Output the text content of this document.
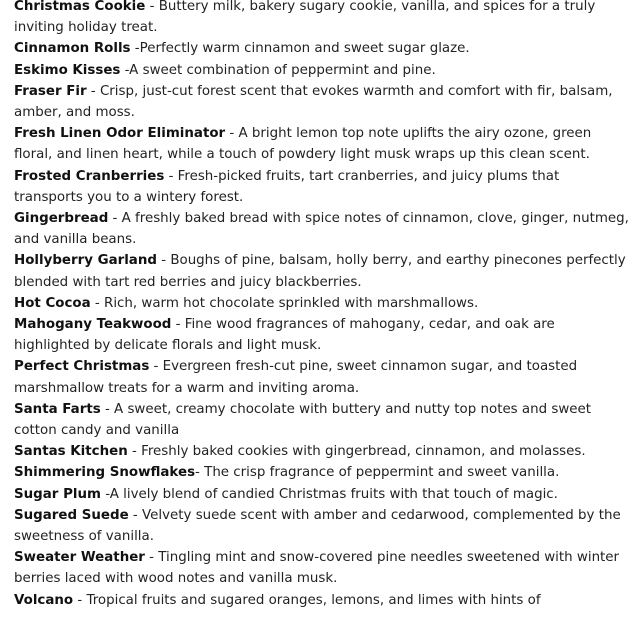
Christmas Cookie - Buttery milk, bakery sugary cookie, vanilla, and spices for a truly inviting holiday treat.

Cinnamon Rolls -Perfectly warm cinnamon and sweet sugar glaze.

Eskimo Kisses -A sweet combination of peppermint and pine.

Fraser Fir - Crisp, just-cut forest scent that evokes warmth and comfort with fir, balsam, amber, and moss.

Fresh Linen Odor Eliminator - A bright lemon top note uplifts the airy ozone, green floral, and linen heart, while a touch of powdery light musk wraps up this clean scent.

Frosted Cranberries - Fresh-picked fruits, tart cranberries, and juicy plums that transports you to a wintery forest.

Gingerbread - A freshly baked bread with spice notes of cinnamon, clove, ginger, nutmeg, and vanilla beans.

Hollyberry Garland - Boughs of pine, balsam, holly berry, and earthy pinecones perfectly blended with tart red berries and juicy blackberries.

Hot Cocoa - Rich, warm hot chocolate sprinkled with marshmallows.

Mahogany Teakwood - Fine wood fragrances of mahogany, cedar, and oak are highlighted by delicate florals and light musk.

Perfect Christmas - Evergreen fresh-cut pine, sweet cinnamon sugar, and toasted marshmallow treats for a warm and inviting aroma.

Santa Farts - A sweet, creamy chocolate with buttery and nutty top notes and sweet cotton candy and vanilla

Santas Kitchen - Freshly baked cookies with gingerbread, cinnamon, and molasses.

Shimmering Snowflakes- The crisp fragrance of peppermint and sweet vanilla.

Sugar Plum -A lively blend of candied Christmas fruits with that touch of magic.

Sugared Suede - Velvety suede scent with amber and cedarwood, complemented by the sweetness of vanilla.

Sweater Weather - Tingling mint and snow-covered pine needles sweetened with winter berries laced with wood notes and vanilla musk.

Volcano - Tropical fruits and sugared oranges, lemons, and limes with hints of
